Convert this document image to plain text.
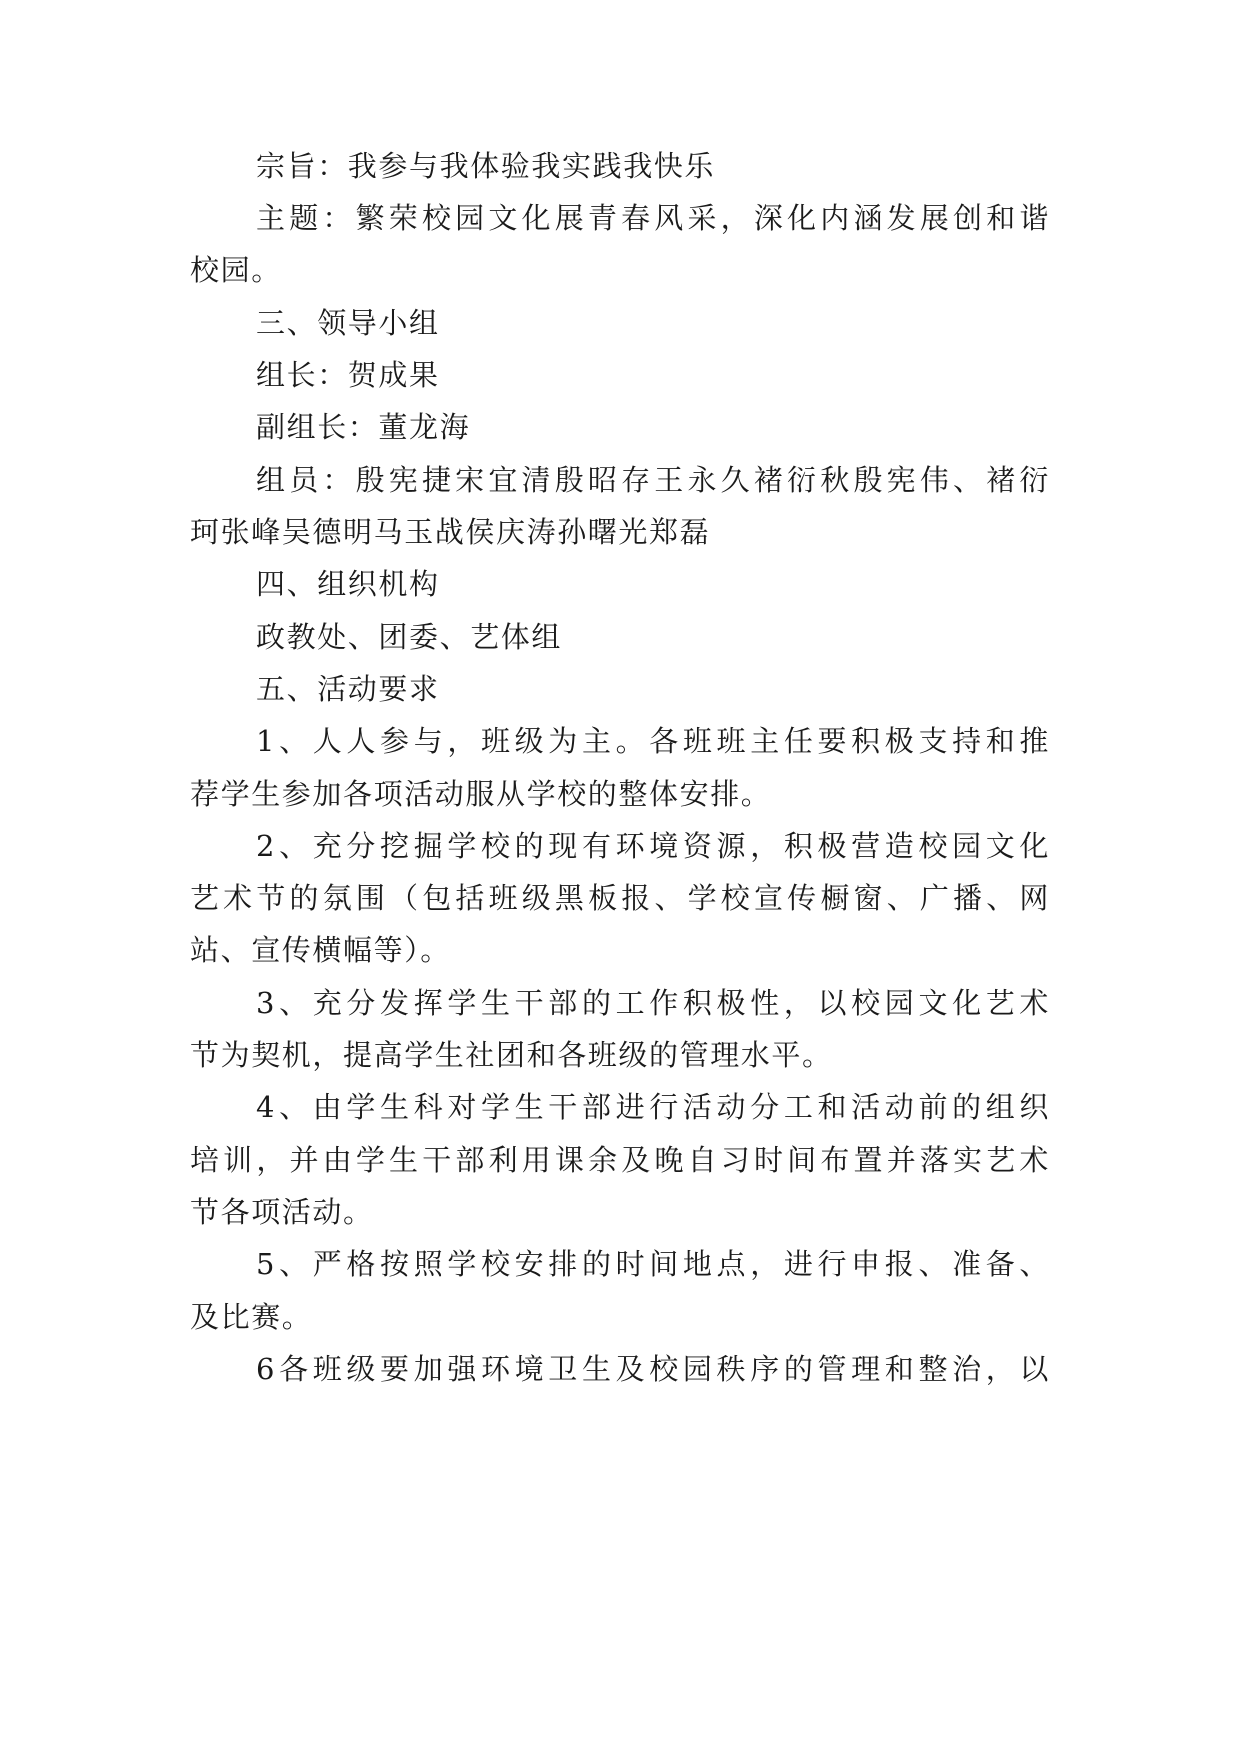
宗旨：我参与我体验我实践我快乐
主题：繁荣校园文化展青春风采，深化内涵发展创和谐
校园。
三、领导小组
组长：贺成果
副组长：董龙海
组员：殷宪捷宋宜清殷昭存王永久褚衍秋殷宪伟、褚衍
珂张峰吴德明马玉战侯庆涛孙曙光郑磊
四、组织机构
政教处、团委、艺体组
五、活动要求
1、人人参与，班级为主。各班班主任要积极支持和推
荐学生参加各项活动服从学校的整体安排。
2、充分挖掘学校的现有环境资源，积极营造校园文化
艺术节的氛围（包括班级黑板报、学校宣传橱窗、广播、网
站、宣传横幅等）。
3、充分发挥学生干部的工作积极性，以校园文化艺术
节为契机，提高学生社团和各班级的管理水平。
4、由学生科对学生干部进行活动分工和活动前的组织
培训，并由学生干部利用课余及晚自习时间布置并落实艺术
节各项活动。
5、严格按照学校安排的时间地点，进行申报、准备、
及比赛。
6各班级要加强环境卫生及校园秩序的管理和整治，以
